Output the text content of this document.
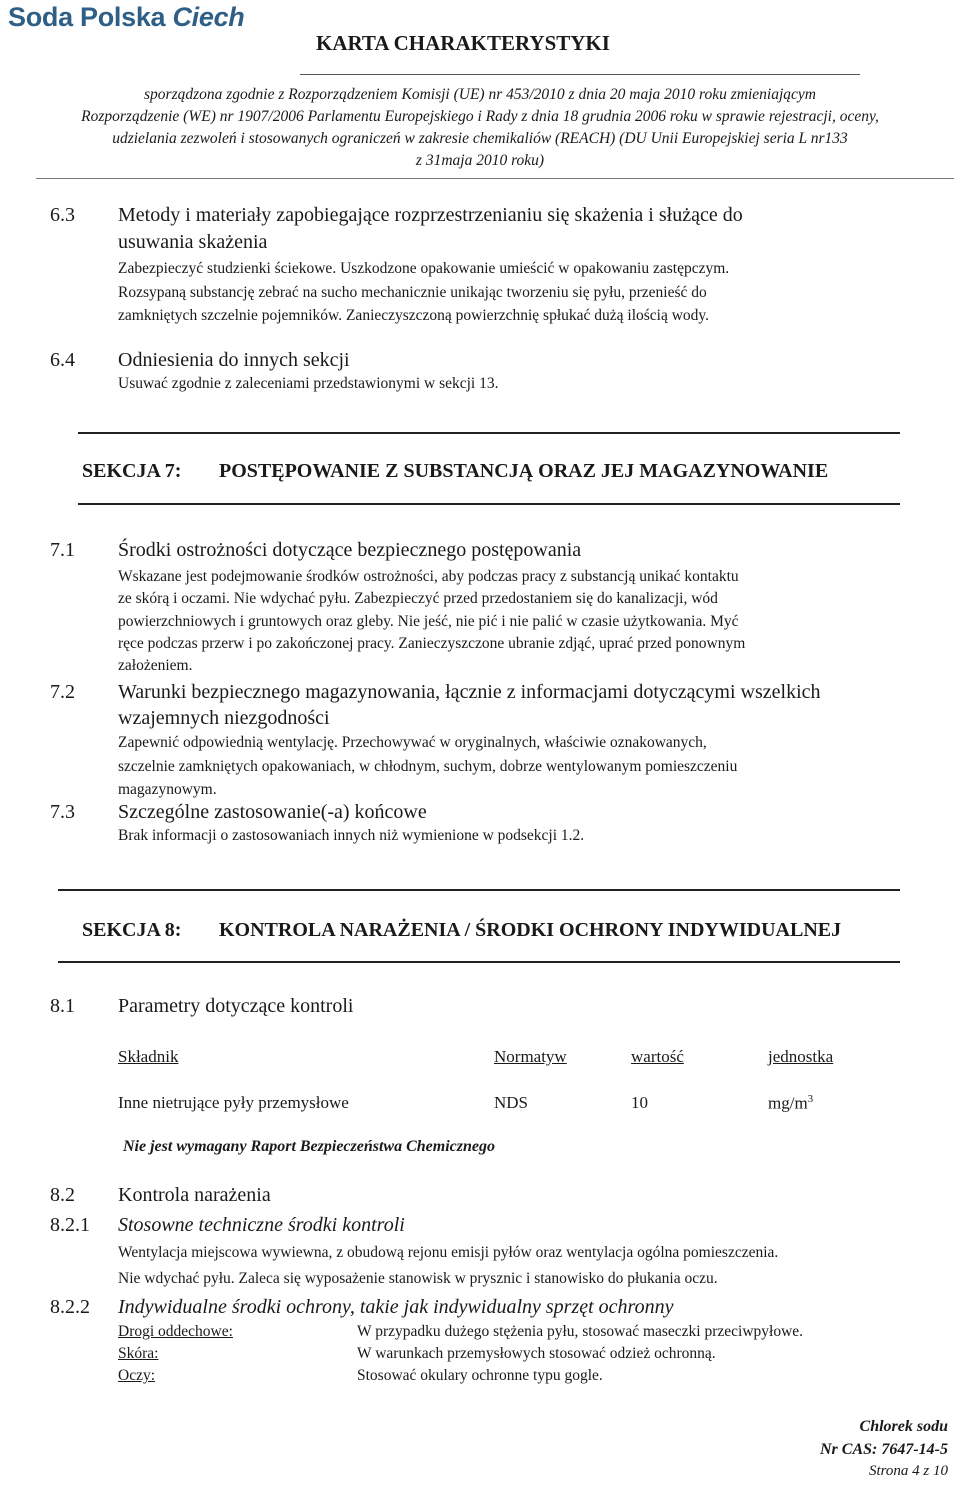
Soda Polska Ciech
KARTA CHARAKTERYSTYKI
sporządzona zgodnie z Rozporządzeniem Komisji (UE) nr 453/2010 z dnia 20 maja 2010 roku zmieniającym
Rozporządzenie (WE) nr 1907/2006 Parlamentu Europejskiego i Rady z dnia 18 grudnia 2006 roku w sprawie rejestracji, oceny,
udzielania zezwoleń i stosowanych ograniczeń w zakresie chemikaliów (REACH) (DU Unii Europejskiej seria L nr133
z 31maja 2010 roku)
6.3 Metody i materiały zapobiegające rozprzestrzenianiu się skażenia i służące do
usuwania skażenia
Zabezpieczyć studzienki ściekowe. Uszkodzone opakowanie umieścić w opakowaniu zastępczym.
Rozsypaną substancję zebrać na sucho mechanicznie unikając tworzeniu się pyłu, przenieść do
zamkniętych szczelnie pojemników. Zanieczyszczoną powierzchnię spłukać dużą ilością wody.
6.4 Odniesienia do innych sekcji
Usuwać zgodnie z zaleceniami przedstawionymi w sekcji 13.
SEKCJA 7: POSTĘPOWANIE Z SUBSTANCJĄ ORAZ JEJ MAGAZYNOWANIE
7.1 Środki ostrożności dotyczące bezpiecznego postępowania
Wskazane jest podejmowanie środków ostrożności, aby podczas pracy z substancją unikać kontaktu
ze skórą i oczami. Nie wdychać pyłu. Zabezpieczyć przed przedostaniem się do kanalizacji, wód
powierzchniowych i gruntowych oraz gleby. Nie jeść, nie pić i nie palić w czasie użytkowania. Myć
ręce podczas przerw i po zakończonej pracy. Zanieczyszczone ubranie zdjąć, uprać przed ponownym
założeniem.
7.2 Warunki bezpiecznego magazynowania, łącznie z informacjami dotyczącymi wszelkich
wzajemnych niezgodności
Zapewnić odpowiednią wentylację. Przechowywać w oryginalnych, właściwie oznakowanych,
szczelnie zamkniętych opakowaniach, w chłodnym, suchym, dobrze wentylowanym pomieszczeniu
magazynowym.
7.3 Szczególne zastosowanie(-a) końcowe
Brak informacji o zastosowaniach innych niż wymienione w podsekcji 1.2.
SEKCJA 8: KONTROLA NARAŻENIA / ŚRODKI OCHRONY INDYWIDUALNEJ
8.1 Parametry dotyczące kontroli
Składnik	Normatyw	wartość	jednostka
Inne nietrujące pyły przemysłowe	NDS	10	$mg/m^3$
Nie jest wymagany Raport Bezpieczeństwa Chemicznego
8.2 Kontrola narażenia
8.2.1 Stosowne techniczne środki kontroli
Wentylacja miejscowa wywiewna, z obudową rejonu emisji pyłów oraz wentylacja ogólna pomieszczenia.
Nie wdychać pyłu. Zaleca się wyposażenie stanowisk w prysznic i stanowisko do płukania oczu.
8.2.2 Indywidualne środki ochrony, takie jak indywidualny sprzęt ochronny
Drogi oddechowe:	W przypadku dużego stężenia pyłu, stosować maseczki przeciwpyłowe.
Skóra:	W warunkach przemysłowych stosować odzież ochronną.
Oczy:	Stosować okulary ochronne typu gogle.
Chlorek sodu
Nr CAS: 7647-14-5
Strona 4 z 10
